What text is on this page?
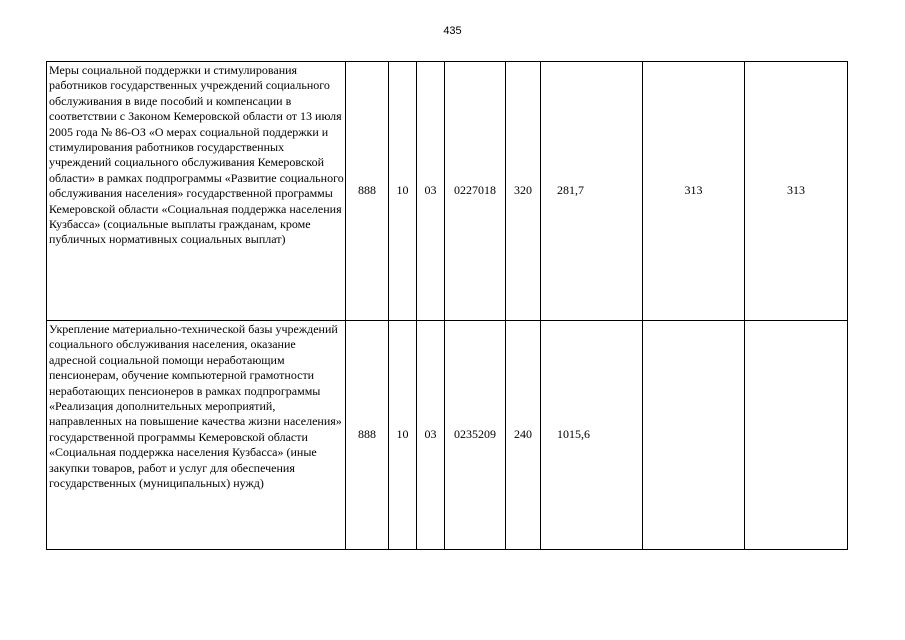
435
Меры социальной поддержки и стимулирования работников государственных учреждений социального обслуживания в виде пособий и компенсации в соответствии с Законом Кемеровской области от 13 июля 2005 года № 86-ОЗ «О мерах социальной поддержки и стимулирования работников государственных учреждений социального обслуживания Кемеровской области» в рамках подпрограммы «Развитие социального обслуживания населения» государственной программы Кемеровской области «Социальная поддержка населения Кузбасса» (социальные выплаты гражданам, кроме публичных нормативных социальных выплат)	888	10	03	0227018	320	281,7	313	313
Укрепление материально-технической базы учреждений социального обслуживания населения, оказание адресной социальной помощи неработающим пенсионерам, обучение компьютерной грамотности неработающих пенсионеров в рамках подпрограммы «Реализация дополнительных мероприятий, направленных на повышение качества жизни населения» государственной программы Кемеровской области «Социальная поддержка населения Кузбасса» (иные закупки товаров, работ и услуг для обеспечения государственных (муниципальных) нужд)	888	10	03	0235209	240	1015,6		
